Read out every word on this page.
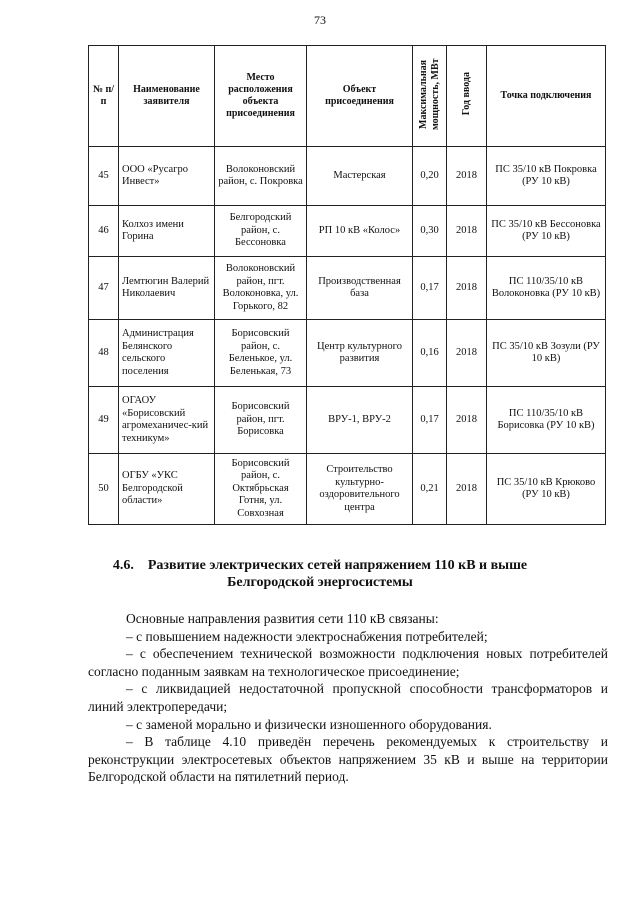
73
№ п/п	Наименование заявителя	Место расположения объекта присоединения	Объект присоединения	Максимальная мощность, МВт	Год ввода	Точка подключения
45	ООО «Русагро Инвест»	Волоконовский район, с. Покровка	Мастерская	0,20	2018	ПС 35/10 кВ Покровка (РУ 10 кВ)
46	Колхоз имени Горина	Белгородский район, с. Бессоновка	РП 10 кВ «Колос»	0,30	2018	ПС 35/10 кВ Бессоновка (РУ 10 кВ)
47	Лемтюгин Валерий Николаевич	Волоконовский район, пгт. Волоконовка, ул. Горького, 82	Производственная база	0,17	2018	ПС 110/35/10 кВ Волоконовка (РУ 10 кВ)
48	Администрация Белянского сельского поселения	Борисовский район, с. Беленькое, ул. Беленькая, 73	Центр культурного развития	0,16	2018	ПС 35/10 кВ Зозули (РУ 10 кВ)
49	ОГАОУ «Борисовский агромеханичес-кий техникум»	Борисовский район, пгт. Борисовка	ВРУ-1, ВРУ-2	0,17	2018	ПС 110/35/10 кВ Борисовка (РУ 10 кВ)
50	ОГБУ «УКС Белгородской области»	Борисовский район, с. Октябрьская Готня, ул. Совхозная	Строительство культурно-оздоровительного центра	0,21	2018	ПС 35/10 кВ Крюково (РУ 10 кВ)
4.6. Развитие электрических сетей напряжением 110 кВ и выше
Белгородской энергосистемы

Основные направления развития сети 110 кВ связаны:

– с повышением надежности электроснабжения потребителей;

– с обеспечением технической возможности подключения новых потребителей согласно поданным заявкам на технологическое присоединение;

– с ликвидацией недостаточной пропускной способности трансформаторов и линий электропередачи;

– с заменой морально и физически изношенного оборудования.

– В таблице 4.10 приведён перечень рекомендуемых к строительству и реконструкции электросетевых объектов напряжением 35 кВ и выше на территории Белгородской области на пятилетний период.
